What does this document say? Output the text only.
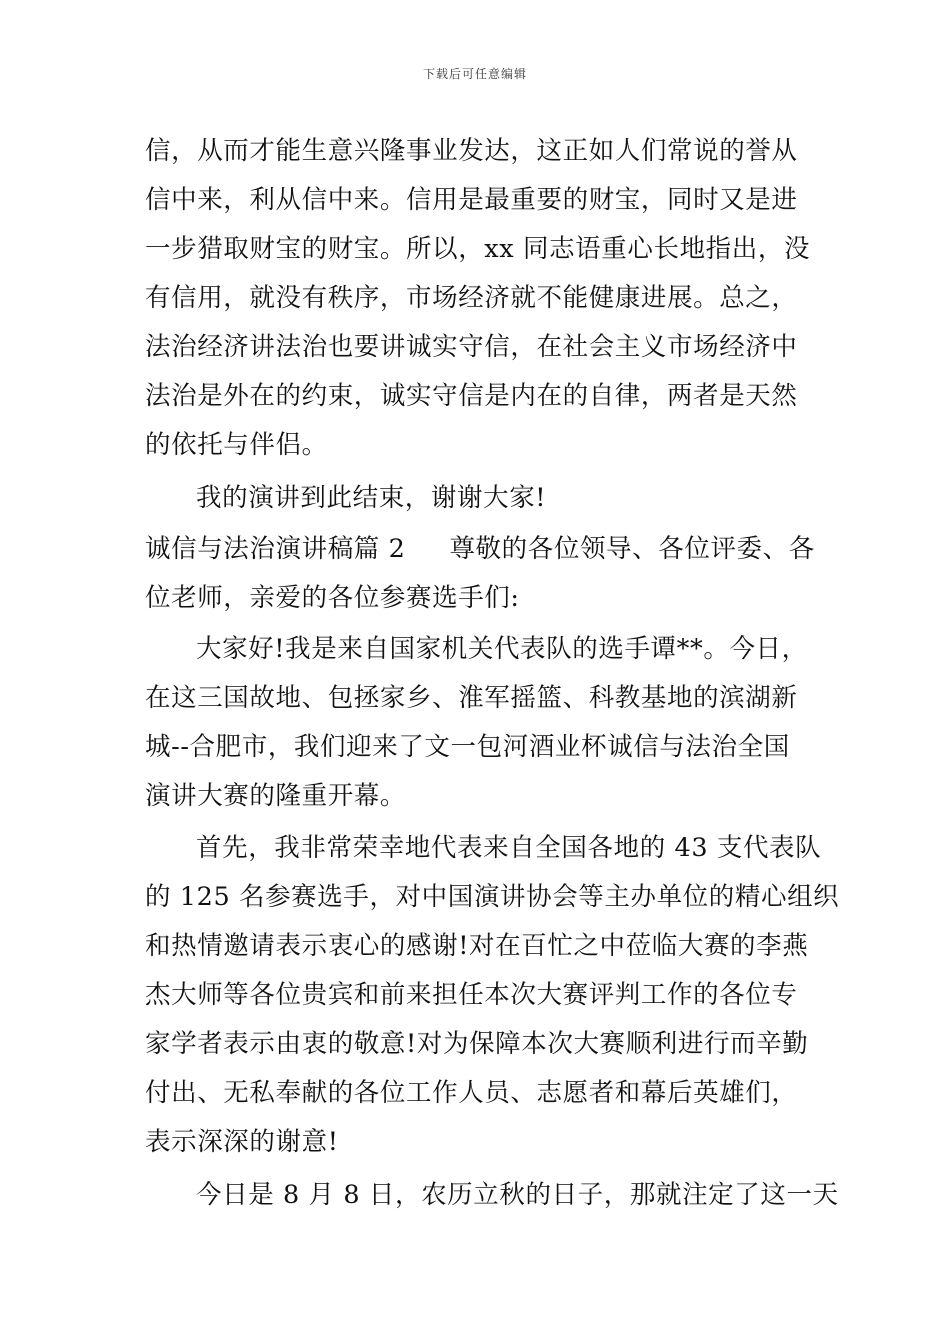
下载后可任意编辑
信，从而才能生意兴隆事业发达，这正如人们常说的誉从
信中来，利从信中来。信用是最重要的财宝，同时又是进
一步猎取财宝的财宝。所以，xx 同志语重心长地指出，没
有信用，就没有秩序，市场经济就不能健康进展。总之，
法治经济讲法治也要讲诚实守信，在社会主义市场经济中
法治是外在的约束，诚实守信是内在的自律，两者是天然
的依托与伴侣。
我的演讲到此结束，谢谢大家!
诚信与法治演讲稿篇 2 尊敬的各位领导、各位评委、各
位老师，亲爱的各位参赛选手们:
大家好!我是来自国家机关代表队的选手谭**。今日，
在这三国故地、包拯家乡、淮军摇篮、科教基地的滨湖新
城--合肥市，我们迎来了文一包河酒业杯诚信与法治全国
演讲大赛的隆重开幕。
首先，我非常荣幸地代表来自全国各地的 43 支代表队
的 125 名参赛选手，对中国演讲协会等主办单位的精心组织
和热情邀请表示衷心的感谢!对在百忙之中莅临大赛的李燕
杰大师等各位贵宾和前来担任本次大赛评判工作的各位专
家学者表示由衷的敬意!对为保障本次大赛顺利进行而辛勤
付出、无私奉献的各位工作人员、志愿者和幕后英雄们，
表示深深的谢意!
今日是 8 月 8 日，农历立秋的日子，那就注定了这一天
